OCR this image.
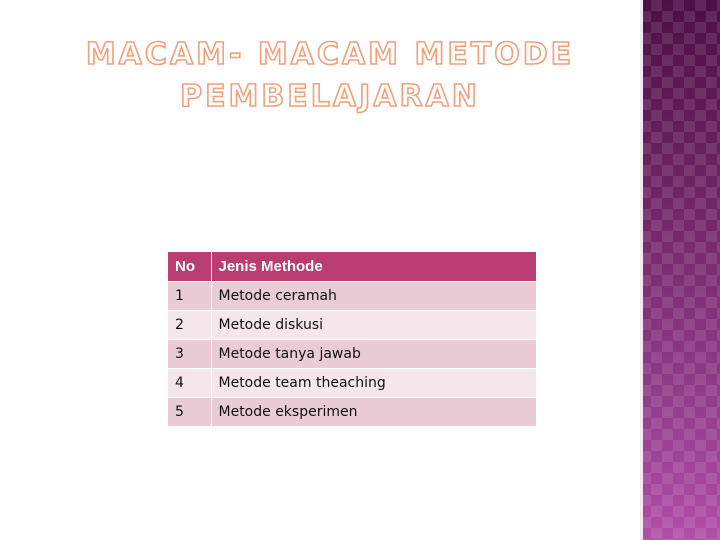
MACAM- MACAM METODE
PEMBELAJARAN
No	Jenis Methode
1	Metode ceramah
2	Metode diskusi
3	Metode tanya jawab
4	Metode team theaching
5	Metode eksperimen
